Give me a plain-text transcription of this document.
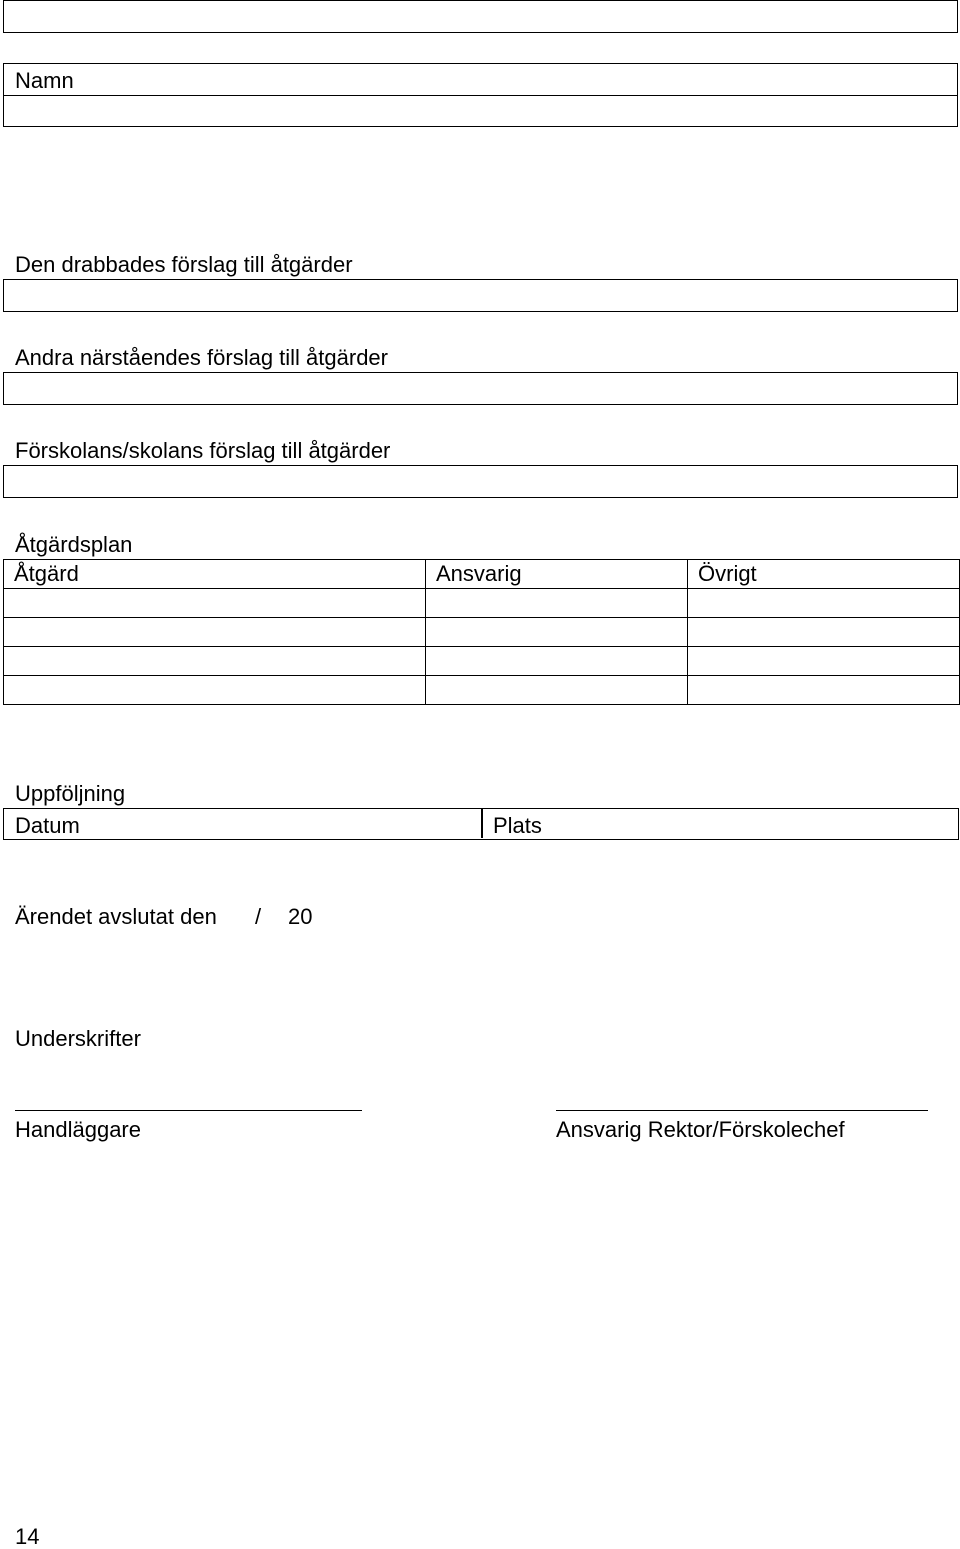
Namn
Den drabbades förslag till åtgärder
Andra närståendes förslag till åtgärder
Förskolans/skolans förslag till åtgärder
Åtgärdsplan
Åtgärd	Ansvarig	Övrigt

Uppföljning
Datum	Plats
Ärendet avslutat den / 20
Underskrifter
Handläggare	Ansvarig Rektor/Förskolechef
14
